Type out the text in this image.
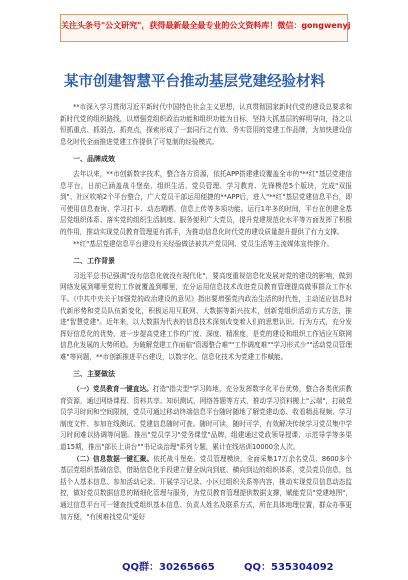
关注头条号"公文研究"，获得最新最全最专业的公文资料库！微信：gongwenyj
某市创建智慧平台推动基层党建经验材料

**市深入学习贯彻习近平新时代中国特色社会主义思想，认真贯彻国家新时代党的建设总要求和新时代党的组织路线，以增强党组织政治功能和组织功能为目标，坚持大抓基层的鲜明导向，持之以恒抓重点、抓弱点、抓亮点，探索形成了一套同行之有效、务实管用的党建工作品牌，为加快建设信息化时代全面推进党建工作提供了可复制的经验模式。

一、品牌成效

去年以来，**市创新数字技术，整合各方资源，依托APP搭建建设覆盖全市的"**红"基层党建信息平台，日前已涵盖战斗堡垒、组织生活、党员管理、学习教育、先锋模范5个版块，完成"双报到"、社区吹哨2个平台整合，广大党员干部运用便捷的**APP后，进入"**红"基层党建信息平台，即可使用信息查询、学习打卡、动态晒晒、信息上传等多项功能。运行1年多的时间，平台在创建全基层党组织体系、落实党的组织生活制度、服务便利广大党员，提升党建规范化水平等方面发挥了积极的作用，推动实现党员教育管理更有抓手，为推动信息化时代党的建设质量提升提供了有力支撑。

**红"基层党建信息平台建设有关经验做法被共产党员网、党员生活等主流媒体宣传推介。

二、工作背景

习近平总书记强调"没有信息化就没有现代化"，要高度重视信息化发展对党的建设的影响，做到网络发展到哪里党的工作就覆盖到哪里，充分运用信息技术改进党员教育管理提高做事群众工作水平。《中共中央关于加强党的政治建设的意见》指出要增强党内政治生活的时代性，主动适应信息时代新形势和党员队伍新变化，积极运用互联网、大数据等新兴技术，创新党组织活动方式方法，推进"智慧党建"。近年来，以大数据为代表的信息技术深刻改变着人们的思想认识、行为方式，充分发挥好信息化的优势，进一步提高党建工作的广度、深度、精准度，是党的建设和组织工作适应互联网信息化发展的大势所趋。为破解党建工作面临"资源整合难""工作调度难""学习形式少""活动党员管理难"等问题，**市创新推进平台建设，以数字化、信息化技术为党建工作赋能。

三、主要做法

（一）党员教育一键直达。打造"指尖型"学习阵地，充分发挥数字化平台优势，整合各类优质教育资源，通过网络课程、资料共享、知识测试、网络答题等方式，推动学习资料搬上"云端"，打破党员学习时间和空间限制，党员可通过移动终端信息平台随时随地了解党建动态、收看精品视频、学习制度文件、参加在线测试、党建信息随时可查。随时可读，随时可学，有效解决传统学习党员集中学习时间难以协调等问题。推出"党员学习"党务课堂"品牌，组建通过党政领导授课、示范导学等多渠道15期，推出"部长上讲台""书记谈治理"系列专题，累计在线培训10000余人次。

（二）信息数据一键汇聚。依托战斗堡垒、党员管理模块，全面采集17万余名党员、8600多个基层党组织基础信息，借助信息化手段建立健全纵向到底、横向到边的组织体系，党员党员信息，包括个人基本信息、参加活动记录、开展学习记录、小区过组织关系等内容，推动实现党员信息动态监控，做好党员数据信息的精细化管理与服务，为党员教育管理提供数据支撑，赋能党员"党建地图"，通过信息平台可一键查找党组织基本信息、负责人姓名及联系方式，所在具体地理位置，群众办事更加方便，"有困难找党员"更好

QQ群：30265665	QQ：535304092
